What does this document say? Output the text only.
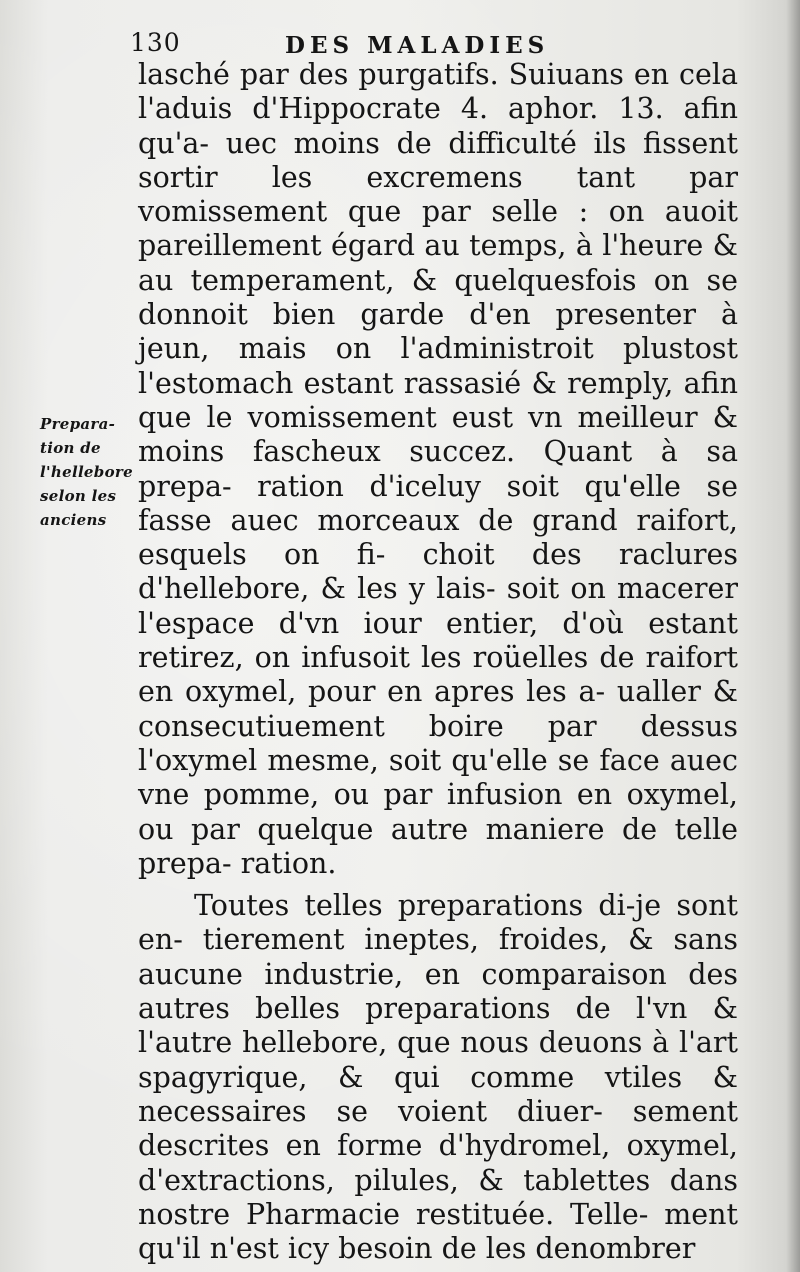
130	DES MALADIES
Prepara- tion de l'hellebore selon les anciens

lasché par des purgatifs. Suiuans en cela l'aduis d'Hippocrate 4. aphor. 13. afin qu'a- uec moins de difficulté ils fissent sortir les excremens tant par vomissement que par selle : on auoit pareillement égard au temps, à l'heure & au temperament, & quelquesfois on se donnoit bien garde d'en presenter à jeun, mais on l'administroit plustost l'estomach estant rassasié & remply, afin que le vomissement eust vn meilleur & moins fascheux succez. Quant à sa prepa- ration d'iceluy soit qu'elle se fasse auec morceaux de grand raifort, esquels on fi- choit des raclures d'hellebore, & les y lais- soit on macerer l'espace d'vn iour entier, d'où estant retirez, on infusoit les roüelles de raifort en oxymel, pour en apres les a- ualler & consecutiuement boire par dessus l'oxymel mesme, soit qu'elle se face auec vne pomme, ou par infusion en oxymel, ou par quelque autre maniere de telle prepa- ration.

Toutes telles preparations di-je sont en- tierement ineptes, froides, & sans aucune industrie, en comparaison des autres belles preparations de l'vn & l'autre hellebore, que nous deuons à l'art spagyrique, & qui comme vtiles & necessaires se voient diuer- sement descrites en forme d'hydromel, oxymel, d'extractions, pilules, & tablettes dans nostre Pharmacie restituée. Telle- ment qu'il n'est icy besoin de les denombrer
